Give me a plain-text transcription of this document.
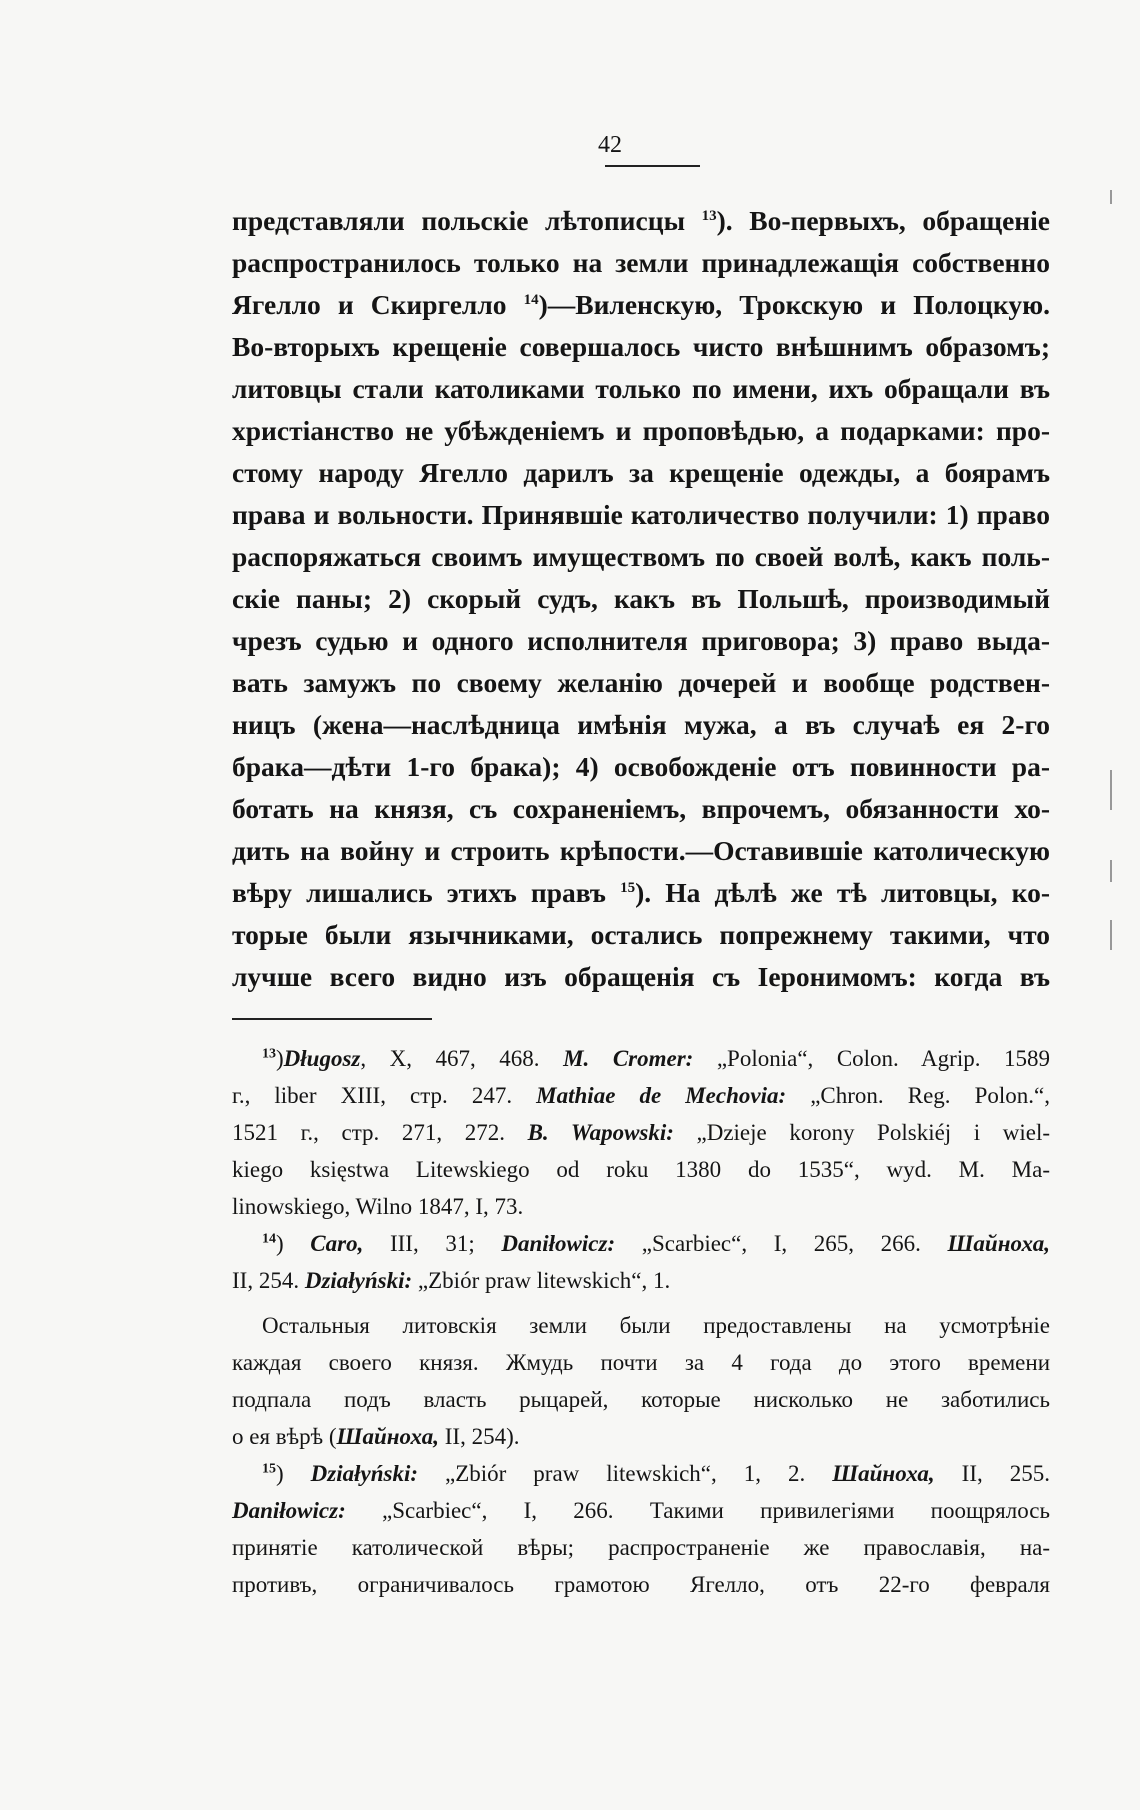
42
представляли польскіе лѣтописцы $^{13}$). Во-первыхъ, обращеніе
распространилось только на земли принадлежащія собственно
Ягелло и Скиргелло $^{14}$)—Виленскую, Трокскую и Полоцкую.
Во-вторыхъ крещеніе совершалось чисто внѣшнимъ образомъ;
литовцы стали католиками только по имени, ихъ обращали въ
христіанство не убѣжденіемъ и проповѣдью, а подарками: про-
стому народу Ягелло дарилъ за крещеніе одежды, а боярамъ
права и вольности. Принявшіе католичество получили: 1) право
распоряжаться своимъ имуществомъ по своей волѣ, какъ поль-
скіе паны; 2) скорый судъ, какъ въ Польшѣ, производимый
чрезъ судью и одного исполнителя приговора; 3) право выда-
вать замужъ по своему желанію дочерей и вообще родствен-
ницъ (жена—наслѣдница имѣнія мужа, а въ случаѣ ея 2-го
брака—дѣти 1-го брака); 4) освобожденіе отъ повинности ра-
ботать на князя, съ сохраненіемъ, впрочемъ, обязанности хо-
дить на войну и строить крѣпости.—Оставившіе католическую
вѣру лишались этихъ правъ $^{15}$). На дѣлѣ же тѣ литовцы, ко-
торые были язычниками, остались попрежнему такими, что
лучше всего видно изъ обращенія съ Іеронимомъ: когда въ
$^{13}$)Długosz, X, 467, 468. M. Cromer: „Polonia“, Colon. Agrip. 1589
г., liber XIII, стр. 247. Mathiae de Mechovia: „Chron. Reg. Polon.“,
1521 г., стр. 271, 272. B. Wapowski: „Dzieje korony Polskiéj i wiel-
kiego księstwa Litewskiego od roku 1380 do 1535“, wyd. M. Ma-
linowskiego, Wilno 1847, I, 73.
$^{14}$) Caro, III, 31; Daniłowicz: „Scarbiec“, I, 265, 266. Шайноха,
II, 254. Działyński: „Zbiór praw litewskich“, 1.
Остальныя литовскія земли были предоставлены на усмотрѣніе
каждая своего князя. Жмудь почти за 4 года до этого времени
подпала подъ власть рыцарей, которые нисколько не заботились
о ея вѣрѣ (Шайноха, II, 254).
$^{15}$) Działyński: „Zbiór praw litewskich“, 1, 2. Шайноха, II, 255.
Daniłowicz: „Scarbiec“, I, 266. Такими привилегіями поощрялось
принятіе католической вѣры; распространеніе же православія, на-
противъ, ограничивалось грамотою Ягелло, отъ 22-го февраля
